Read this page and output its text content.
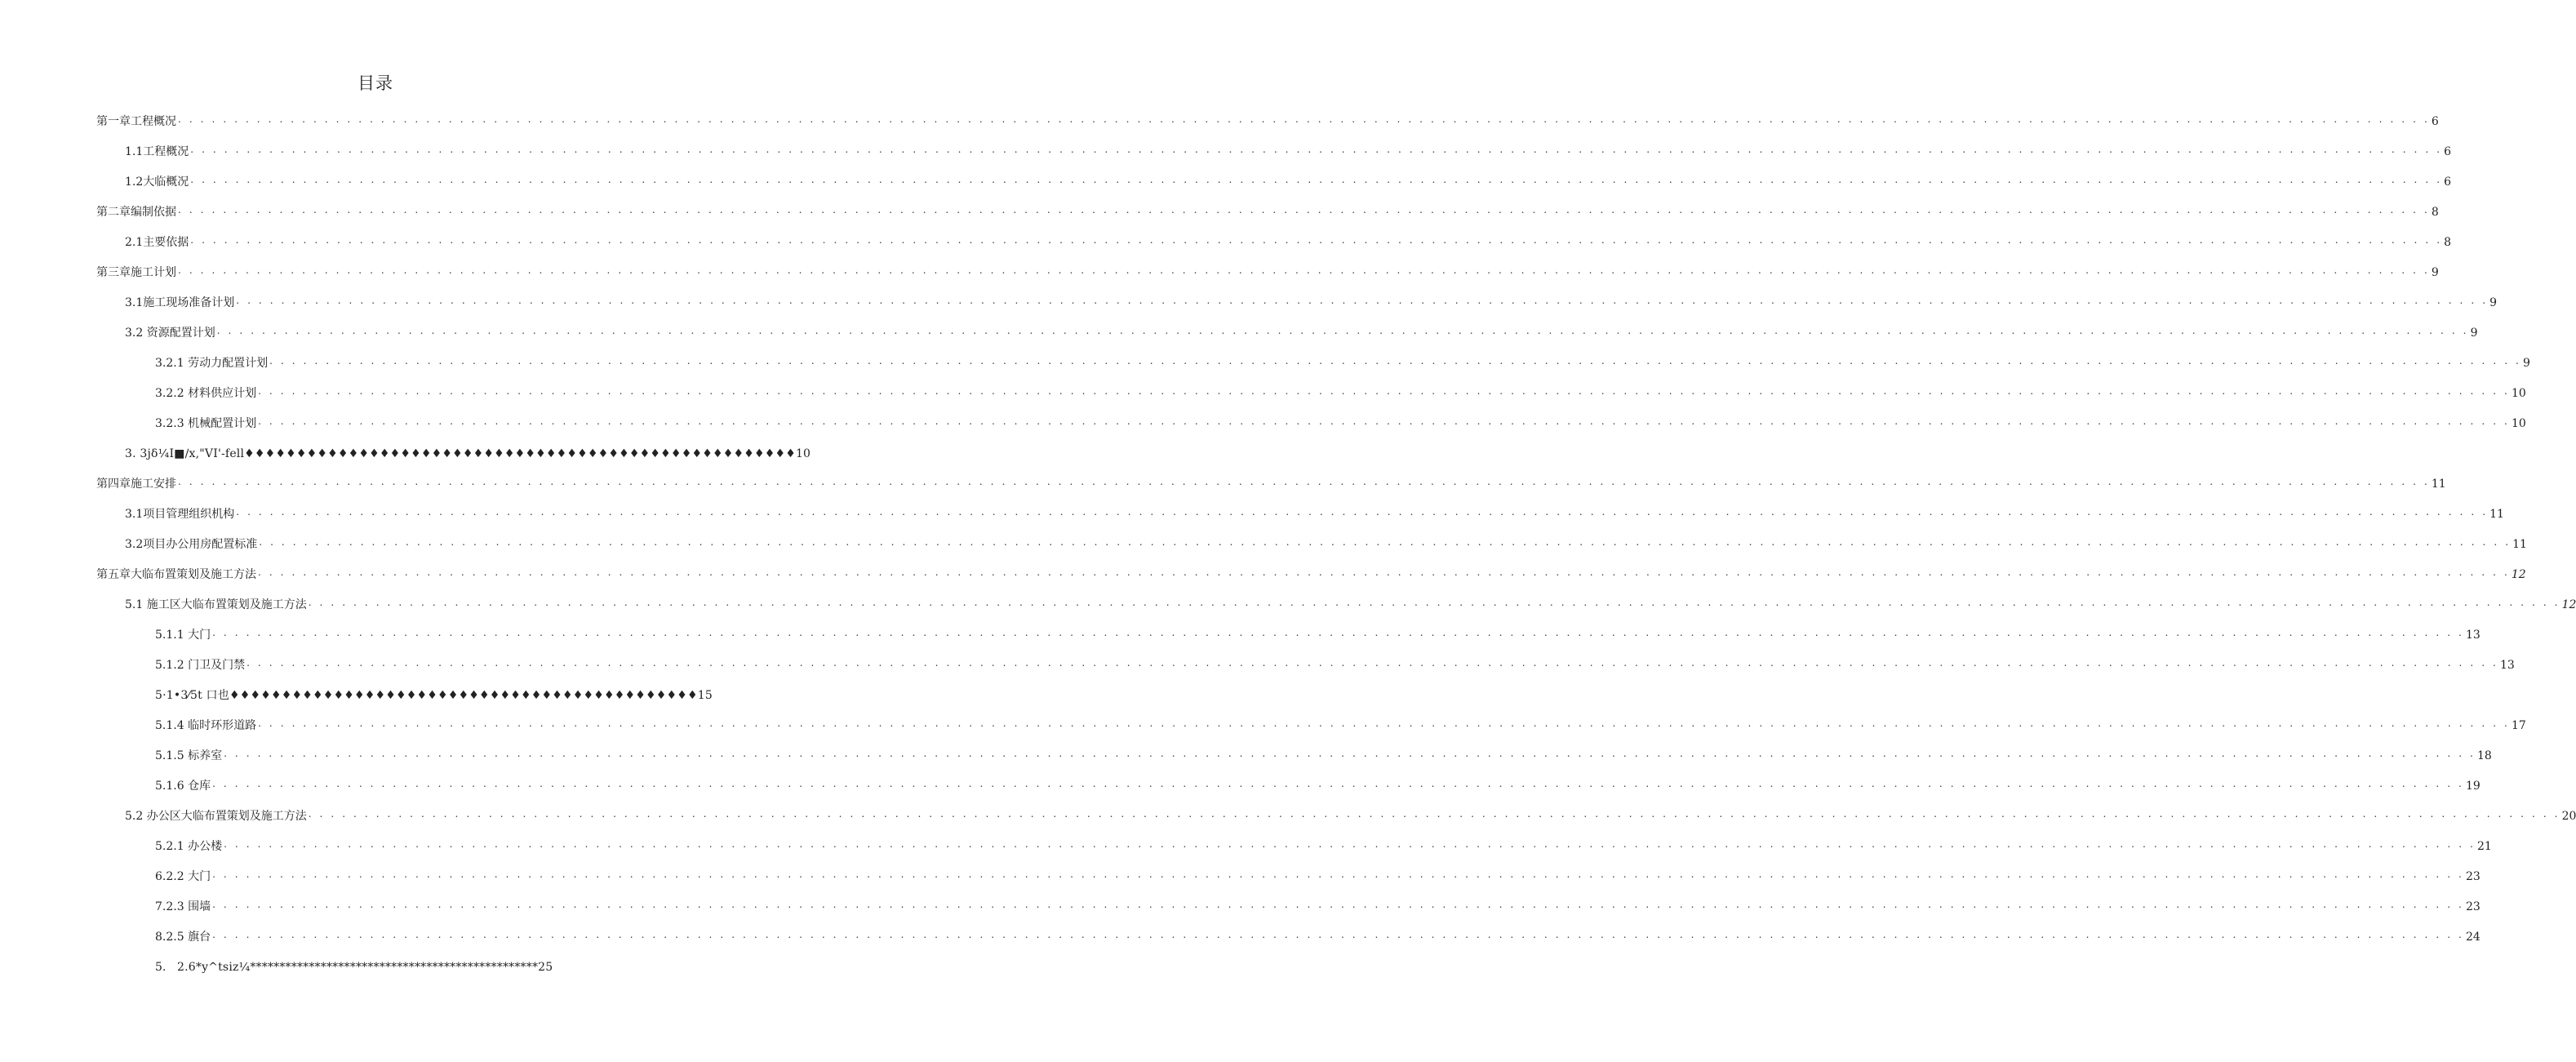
目录
第一章工程概况 . . . . . . . . . . . . . . . . . . . . . . . . . . . . . . . . . . . . . . . . . . . . . . . . . . . . . . . . . . . . . . . . . . . . . . . . . . . . . . . . . . . . . . . . . . . . . . . . . . . . . . . . . . . . . . . . . . . . . . . . . . . . . . . . . . . . . . . . . . . . . . . . . . . . . . . . . . . . . . . . . . . . . . . . . . . . . . . . . . . . . . . . . . . . . . . . . . . . . . . . 6
1.1 工程概况 . . . . . . . . . . . . . . . . . . . . . . . . . . . . . . . . . . . . . . . . . . . . . . . . . . . . . . . . . . . . . . . . . . . . . . . . . . . . . . . . . . . . . . . . . . . . . . . . . . . . . . . . . . . . . . . . . . . . . . . . . . . . . . . . . . . . . . . . . . . . . . . . . . . . . . . . . . . . . . . . . . . . . . . . . . . . . . . . . . . . . . . . . . . . . . . . . . . . . . . . 6
1.2 大临概况 . . . . . . . . . . . . . . . . . . . . . . . . . . . . . . . . . . . . . . . . . . . . . . . . . . . . . . . . . . . . . . . . . . . . . . . . . . . . . . . . . . . . . . . . . . . . . . . . . . . . . . . . . . . . . . . . . . . . . . . . . . . . . . . . . . . . . . . . . . . . . . . . . . . . . . . . . . . . . . . . . . . . . . . . . . . . . . . . . . . . . . . . . . . . . . . . . . . . . . . . 6
第二章编制依据 . . . . . . . . . . . . . . . . . . . . . . . . . . . . . . . . . . . . . . . . . . . . . . . . . . . . . . . . . . . . . . . . . . . . . . . . . . . . . . . . . . . . . . . . . . . . . . . . . . . . . . . . . . . . . . . . . . . . . . . . . . . . . . . . . . . . . . . . . . . . . . . . . . . . . . . . . . . . . . . . . . . . . . . . . . . . . . . . . . . . . . . . . . . . . . . . . . . . . . . . 8
2.1 主要依据 . . . . . . . . . . . . . . . . . . . . . . . . . . . . . . . . . . . . . . . . . . . . . . . . . . . . . . . . . . . . . . . . . . . . . . . . . . . . . . . . . . . . . . . . . . . . . . . . . . . . . . . . . . . . . . . . . . . . . . . . . . . . . . . . . . . . . . . . . . . . . . . . . . . . . . . . . . . . . . . . . . . . . . . . . . . . . . . . . . . . . . . . . . . . . . . . . . . . . . . . 8
第三章施工计划 . . . . . . . . . . . . . . . . . . . . . . . . . . . . . . . . . . . . . . . . . . . . . . . . . . . . . . . . . . . . . . . . . . . . . . . . . . . . . . . . . . . . . . . . . . . . . . . . . . . . . . . . . . . . . . . . . . . . . . . . . . . . . . . . . . . . . . . . . . . . . . . . . . . . . . . . . . . . . . . . . . . . . . . . . . . . . . . . . . . . . . . . . . . . . . . . . . . . . . . . 9
3.1 施工现场准备计划 . . . . . . . . . . . . . . . . . . . . . . . . . . . . . . . . . . . . . . . . . . . . . . . . . . . . . . . . . . . . . . . . . . . . . . . . . . . . . . . . . . . . . . . . . . . . . . . . . . . . . . . . . . . . . . . . . . . . . . . . . . . . . . . . . . . . . . . . . . . . . . . . . . . . . . . . . . . . . . . . . . . . . . . . . . . . . . . . . . . . . . . . . . . . . . . . . . . . . . . . 9
3.2 资源配置计划 . . . . . . . . . . . . . . . . . . . . . . . . . . . . . . . . . . . . . . . . . . . . . . . . . . . . . . . . . . . . . . . . . . . . . . . . . . . . . . . . . . . . . . . . . . . . . . . . . . . . . . . . . . . . . . . . . . . . . . . . . . . . . . . . . . . . . . . . . . . . . . . . . . . . . . . . . . . . . . . . . . . . . . . . . . . . . . . . . . . . . . . . . . . . . . . . . . . . . . . . 9
3.2.1 劳动力配置计划 . . . . . . . . . . . . . . . . . . . . . . . . . . . . . . . . . . . . . . . . . . . . . . . . . . . . . . . . . . . . . . . . . . . . . . . . . . . . . . . . . . . . . . . . . . . . . . . . . . . . . . . . . . . . . . . . . . . . . . . . . . . . . . . . . . . . . . . . . . . . . . . . . . . . . . . . . . . . . . . . . . . . . . . . . . . . . . . . . . . . . . . . . . . . . . . . . . . . . . . . 9
3.2.2 材料供应计划 . . . . . . . . . . . . . . . . . . . . . . . . . . . . . . . . . . . . . . . . . . . . . . . . . . . . . . . . . . . . . . . . . . . . . . . . . . . . . . . . . . . . . . . . . . . . . . . . . . . . . . . . . . . . . . . . . . . . . . . . . . . . . . . . . . . . . . . . . . . . . . . . . . . . . . . . . . . . . . . . . . . . . . . . . . . . . . . . . . . . . . . . . . . . . . . . . . . . . . . . 10
3.2.3 机械配置计划 . . . . . . . . . . . . . . . . . . . . . . . . . . . . . . . . . . . . . . . . . . . . . . . . . . . . . . . . . . . . . . . . . . . . . . . . . . . . . . . . . . . . . . . . . . . . . . . . . . . . . . . . . . . . . . . . . . . . . . . . . . . . . . . . . . . . . . . . . . . . . . . . . . . . . . . . . . . . . . . . . . . . . . . . . . . . . . . . . . . . . . . . . . . . . . . . . . . . . . . . 10
3. 3jδ¼I■∕x,"VI'-fell♦♦♦♦♦♦♦♦♦♦♦♦♦♦♦♦♦♦♦♦♦♦♦♦♦♦♦♦♦♦♦♦♦♦♦♦♦♦♦♦♦♦♦♦♦♦♦♦♦♦♦♦♦10
第四章施工安排 . . . . . . . . . . . . . . . . . . . . . . . . . . . . . . . . . . . . . . . . . . . . . . . . . . . . . . . . . . . . . . . . . . . . . . . . . . . . . . . . . . . . . . . . . . . . . . . . . . . . . . . . . . . . . . . . . . . . . . . . . . . . . . . . . . . . . . . . . . . . . . . . . . . . . . . . . . . . . . . . . . . . . . . . . . . . . . . . . . . . . . . . . . . . . . . . . . . . . . . . 11
3.1 项目管理组织机构 . . . . . . . . . . . . . . . . . . . . . . . . . . . . . . . . . . . . . . . . . . . . . . . . . . . . . . . . . . . . . . . . . . . . . . . . . . . . . . . . . . . . . . . . . . . . . . . . . . . . . . . . . . . . . . . . . . . . . . . . . . . . . . . . . . . . . . . . . . . . . . . . . . . . . . . . . . . . . . . . . . . . . . . . . . . . . . . . . . . . . . . . . . . . . . . . . . . . . . . . 11
3.2 项目办公用房配置标准 . . . . . . . . . . . . . . . . . . . . . . . . . . . . . . . . . . . . . . . . . . . . . . . . . . . . . . . . . . . . . . . . . . . . . . . . . . . . . . . . . . . . . . . . . . . . . . . . . . . . . . . . . . . . . . . . . . . . . . . . . . . . . . . . . . . . . . . . . . . . . . . . . . . . . . . . . . . . . . . . . . . . . . . . . . . . . . . . . . . . . . . . . . . . . . . . . . . . . . . . 11
第五章大临布置策划及施工方法 . . . . . . . . . . . . . . . . . . . . . . . . . . . . . . . . . . . . . . . . . . . . . . . . . . . . . . . . . . . . . . . . . . . . . . . . . . . . . . . . . . . . . . . . . . . . . . . . . . . . . . . . . . . . . . . . . . . . . . . . . . . . . . . . . . . . . . . . . . . . . . . . . . . . . . . . . . . . . . . . . . . . . . . . . . . . . . . . . . . . . . . . . . . . . . . . . . . . . . . . 12
5.1 施工区大临布置策划及施工方法 . . . . . . . . . . . . . . . . . . . . . . . . . . . . . . . . . . . . . . . . . . . . . . . . . . . . . . . . . . . . . . . . . . . . . . . . . . . . . . . . . . . . . . . . . . . . . . . . . . . . . . . . . . . . . . . . . . . . . . . . . . . . . . . . . . . . . . . . . . . . . . . . . . . . . . . . . . . . . . . . . . . . . . . . . . . . . . . . . . . . . . . . . . . . . . . . . . . . . . . . 12
5.1.1 大门 . . . . . . . . . . . . . . . . . . . . . . . . . . . . . . . . . . . . . . . . . . . . . . . . . . . . . . . . . . . . . . . . . . . . . . . . . . . . . . . . . . . . . . . . . . . . . . . . . . . . . . . . . . . . . . . . . . . . . . . . . . . . . . . . . . . . . . . . . . . . . . . . . . . . . . . . . . . . . . . . . . . . . . . . . . . . . . . . . . . . . . . . . . . . . . . . . . . . . . . . 13
5.1.2 门卫及门禁 . . . . . . . . . . . . . . . . . . . . . . . . . . . . . . . . . . . . . . . . . . . . . . . . . . . . . . . . . . . . . . . . . . . . . . . . . . . . . . . . . . . . . . . . . . . . . . . . . . . . . . . . . . . . . . . . . . . . . . . . . . . . . . . . . . . . . . . . . . . . . . . . . . . . . . . . . . . . . . . . . . . . . . . . . . . . . . . . . . . . . . . . . . . . . . . . . . . . . . . . 13
5·1•3⁄5t 口也♦♦♦♦♦♦♦♦♦♦♦♦♦♦♦♦♦♦♦♦♦♦♦♦♦♦♦♦♦♦♦♦♦♦♦♦♦♦♦♦♦♦♦♦♦15
5.1.4 临时环形道路 . . . . . . . . . . . . . . . . . . . . . . . . . . . . . . . . . . . . . . . . . . . . . . . . . . . . . . . . . . . . . . . . . . . . . . . . . . . . . . . . . . . . . . . . . . . . . . . . . . . . . . . . . . . . . . . . . . . . . . . . . . . . . . . . . . . . . . . . . . . . . . . . . . . . . . . . . . . . . . . . . . . . . . . . . . . . . . . . . . . . . . . . . . . . . . . . . . . . . . . . 17
5.1.5 标养室 . . . . . . . . . . . . . . . . . . . . . . . . . . . . . . . . . . . . . . . . . . . . . . . . . . . . . . . . . . . . . . . . . . . . . . . . . . . . . . . . . . . . . . . . . . . . . . . . . . . . . . . . . . . . . . . . . . . . . . . . . . . . . . . . . . . . . . . . . . . . . . . . . . . . . . . . . . . . . . . . . . . . . . . . . . . . . . . . . . . . . . . . . . . . . . . . . . . . . . . . 18
5.1.6 仓库 . . . . . . . . . . . . . . . . . . . . . . . . . . . . . . . . . . . . . . . . . . . . . . . . . . . . . . . . . . . . . . . . . . . . . . . . . . . . . . . . . . . . . . . . . . . . . . . . . . . . . . . . . . . . . . . . . . . . . . . . . . . . . . . . . . . . . . . . . . . . . . . . . . . . . . . . . . . . . . . . . . . . . . . . . . . . . . . . . . . . . . . . . . . . . . . . . . . . . . . . 19
5.2 办公区大临布置策划及施工方法 . . . . . . . . . . . . . . . . . . . . . . . . . . . . . . . . . . . . . . . . . . . . . . . . . . . . . . . . . . . . . . . . . . . . . . . . . . . . . . . . . . . . . . . . . . . . . . . . . . . . . . . . . . . . . . . . . . . . . . . . . . . . . . . . . . . . . . . . . . . . . . . . . . . . . . . . . . . . . . . . . . . . . . . . . . . . . . . . . . . . . . . . . . . . . . . . . . . . . . . . 20
5. 2.1 办公楼 . . . . . . . . . . . . . . . . . . . . . . . . . . . . . . . . . . . . . . . . . . . . . . . . . . . . . . . . . . . . . . . . . . . . . . . . . . . . . . . . . . . . . . . . . . . . . . . . . . . . . . . . . . . . . . . . . . . . . . . . . . . . . . . . . . . . . . . . . . . . . . . . . . . . . . . . . . . . . . . . . . . . . . . . . . . . . . . . . . . . . . . . . . . . . . . . . . . . . . . . 21
6. 2.2 大门 . . . . . . . . . . . . . . . . . . . . . . . . . . . . . . . . . . . . . . . . . . . . . . . . . . . . . . . . . . . . . . . . . . . . . . . . . . . . . . . . . . . . . . . . . . . . . . . . . . . . . . . . . . . . . . . . . . . . . . . . . . . . . . . . . . . . . . . . . . . . . . . . . . . . . . . . . . . . . . . . . . . . . . . . . . . . . . . . . . . . . . . . . . . . . . . . . . . . . . . . 23
7. 2.3 围墙 . . . . . . . . . . . . . . . . . . . . . . . . . . . . . . . . . . . . . . . . . . . . . . . . . . . . . . . . . . . . . . . . . . . . . . . . . . . . . . . . . . . . . . . . . . . . . . . . . . . . . . . . . . . . . . . . . . . . . . . . . . . . . . . . . . . . . . . . . . . . . . . . . . . . . . . . . . . . . . . . . . . . . . . . . . . . . . . . . . . . . . . . . . . . . . . . . . . . . . . . 23
8. 2.5 旗台 . . . . . . . . . . . . . . . . . . . . . . . . . . . . . . . . . . . . . . . . . . . . . . . . . . . . . . . . . . . . . . . . . . . . . . . . . . . . . . . . . . . . . . . . . . . . . . . . . . . . . . . . . . . . . . . . . . . . . . . . . . . . . . . . . . . . . . . . . . . . . . . . . . . . . . . . . . . . . . . . . . . . . . . . . . . . . . . . . . . . . . . . . . . . . . . . . . . . . . . . 24
5. 2.6*y^tsiz¼*************************************************25
